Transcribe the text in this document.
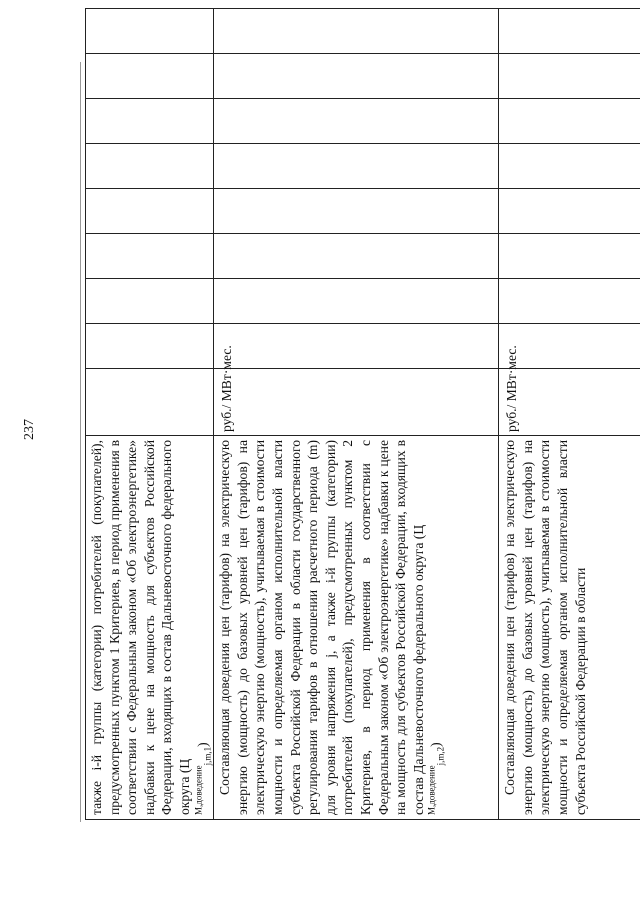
237
также i-й группы (категории) потребителей (покупателей), предусмотренных пунктом 1 Критериев, в период применения в соответствии с Федеральным законом «Об электроэнергетике» надбавки к цене на мощность для субъектов Российской Федерации, входящих в состав Дальневосточного федерального округа (Ц $^{М,доведение}_{j,m,1}$)									

Составляющая доведения цен (тарифов) на электрическую энергию (мощность) до базовых уровней цен (тарифов) на электрическую энергию (мощность), учитываемая в стоимости мощности и определяемая органом исполнительной власти субъекта Российской Федерации в области государственного регулирования тарифов в отношении расчетного периода (m) для уровня напряжения j, а также i-й группы (категории) потребителей (покупателей), предусмотренных пунктом 2 Критериев, в период применения в соответствии с Федеральным законом «Об электроэнергетике» надбавки к цене на мощность для субъектов Российской Федерации, входящих в состав Дальневосточного федерального округа (Ц $^{М,доведение}_{j,m,2}$)	руб./ МВт·мес.								

Составляющая доведения цен (тарифов) на электрическую энергию (мощность) до базовых уровней цен (тарифов) на электрическую энергию (мощность), учитываемая в стоимости мощности и определяемая органом исполнительной власти субъекта Российской Федерации в области	руб./ МВт·мес.								
